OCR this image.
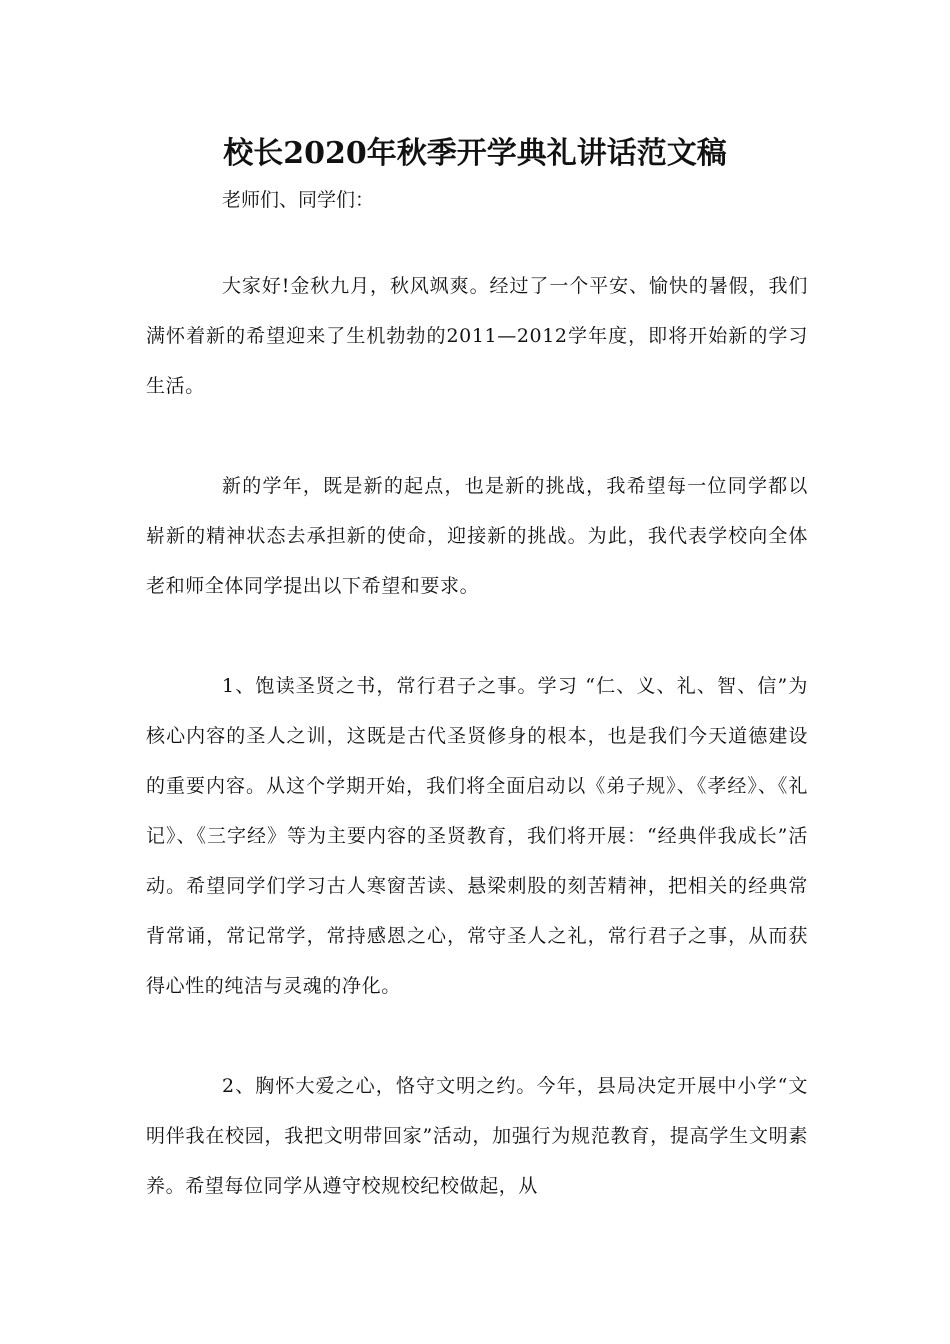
校长2020年秋季开学典礼讲话范文稿

老师们、同学们：

大家好!金秋九月，秋风飒爽。经过了一个平安、愉快的暑假，我们满怀着新的希望迎来了生机勃勃的2011—2012学年度，即将开始新的学习生活。

新的学年，既是新的起点，也是新的挑战，我希望每一位同学都以崭新的精神状态去承担新的使命，迎接新的挑战。为此，我代表学校向全体老和师全体同学提出以下希望和要求。

1、饱读圣贤之书，常行君子之事。学习 “仁、义、礼、智、信”为核心内容的圣人之训，这既是古代圣贤修身的根本，也是我们今天道德建设的重要内容。从这个学期开始，我们将全面启动以《弟子规》、《孝经》、《礼记》、《三字经》等为主要内容的圣贤教育，我们将开展：“经典伴我成长”活动。希望同学们学习古人寒窗苦读、悬梁刺股的刻苦精神，把相关的经典常背常诵，常记常学，常持感恩之心，常守圣人之礼，常行君子之事，从而获得心性的纯洁与灵魂的净化。

2、胸怀大爱之心，恪守文明之约。今年，县局决定开展中小学“文明伴我在校园，我把文明带回家”活动，加强行为规范教育，提高学生文明素养。希望每位同学从遵守校规校纪校做起，从
